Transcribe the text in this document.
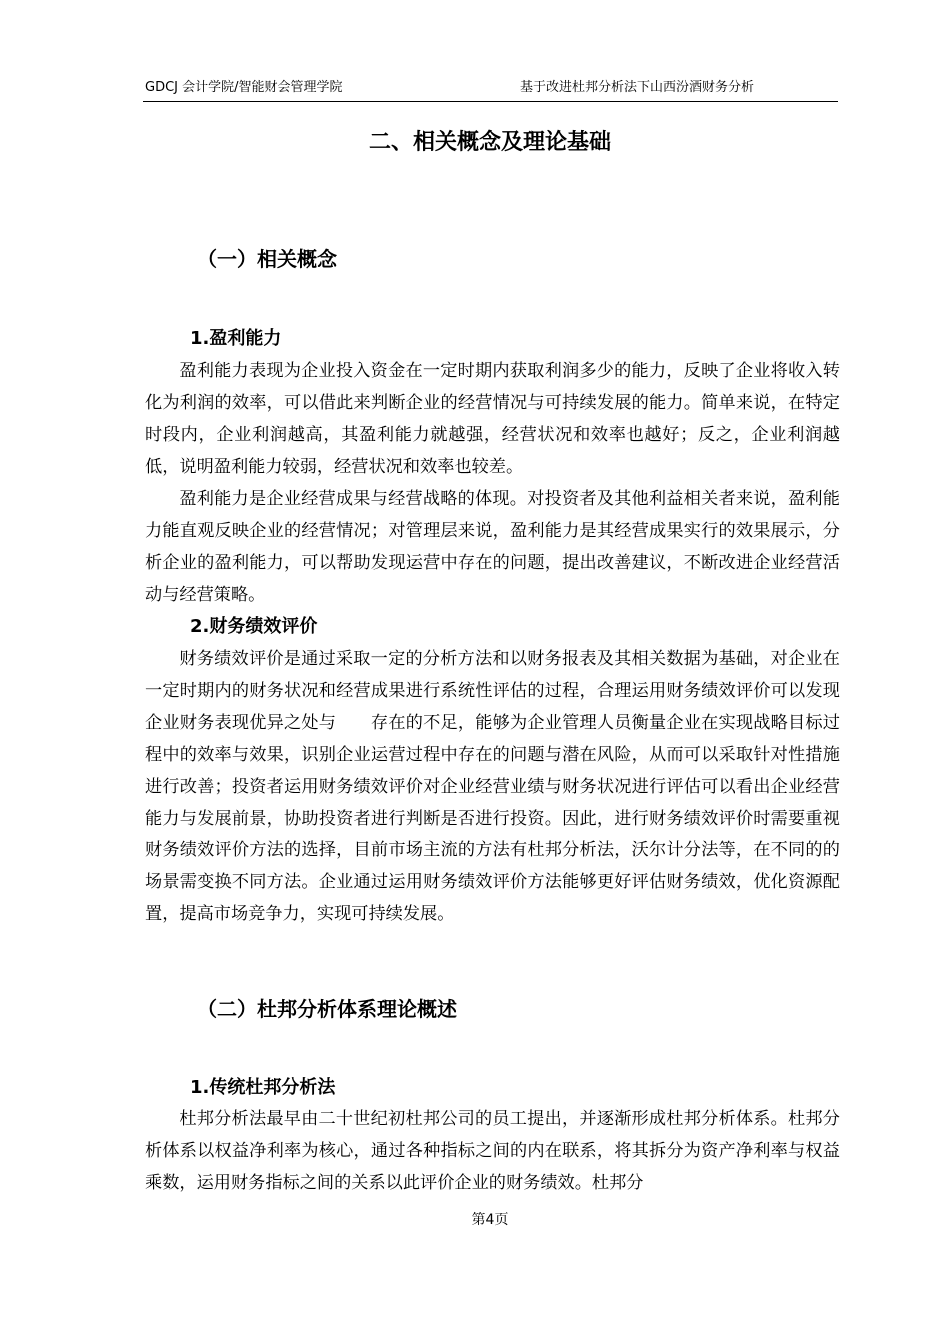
GDCJ 会计学院/智能财会管理学院	基于改进杜邦分析法下山西汾酒财务分析
二、相关概念及理论基础
（一）相关概念
1.盈利能力

盈利能力表现为企业投入资金在一定时期内获取利润多少的能力，反映了企业将收入转化为利润的效率，可以借此来判断企业的经营情况与可持续发展的能力。简单来说，在特定时段内，企业利润越高，其盈利能力就越强，经营状况和效率也越好；反之，企业利润越低，说明盈利能力较弱，经营状况和效率也较差。

盈利能力是企业经营成果与经营战略的体现。对投资者及其他利益相关者来说，盈利能力能直观反映企业的经营情况；对管理层来说，盈利能力是其经营成果实行的效果展示，分析企业的盈利能力，可以帮助发现运营中存在的问题，提出改善建议，不断改进企业经营活动与经营策略。

2.财务绩效评价

财务绩效评价是通过采取一定的分析方法和以财务报表及其相关数据为基础，对企业在一定时期内的财务状况和经营成果进行系统性评估的过程，合理运用财务绩效评价可以发现企业财务表现优异之处与　　存在的不足，能够为企业管理人员衡量企业在实现战略目标过程中的效率与效果，识别企业运营过程中存在的问题与潜在风险，从而可以采取针对性措施进行改善；投资者运用财务绩效评价对企业经营业绩与财务状况进行评估可以看出企业经营能力与发展前景，协助投资者进行判断是否进行投资。因此，进行财务绩效评价时需要重视财务绩效评价方法的选择，目前市场主流的方法有杜邦分析法，沃尔计分法等，在不同的的场景需变换不同方法。企业通过运用财务绩效评价方法能够更好评估财务绩效，优化资源配置，提高市场竞争力，实现可持续发展。

（二）杜邦分析体系理论概述
1.传统杜邦分析法

杜邦分析法最早由二十世纪初杜邦公司的员工提出，并逐渐形成杜邦分析体系。杜邦分析体系以权益净利率为核心，通过各种指标之间的内在联系，将其拆分为资产净利率与权益乘数，运用财务指标之间的关系以此评价企业的财务绩效。杜邦分

第4页
